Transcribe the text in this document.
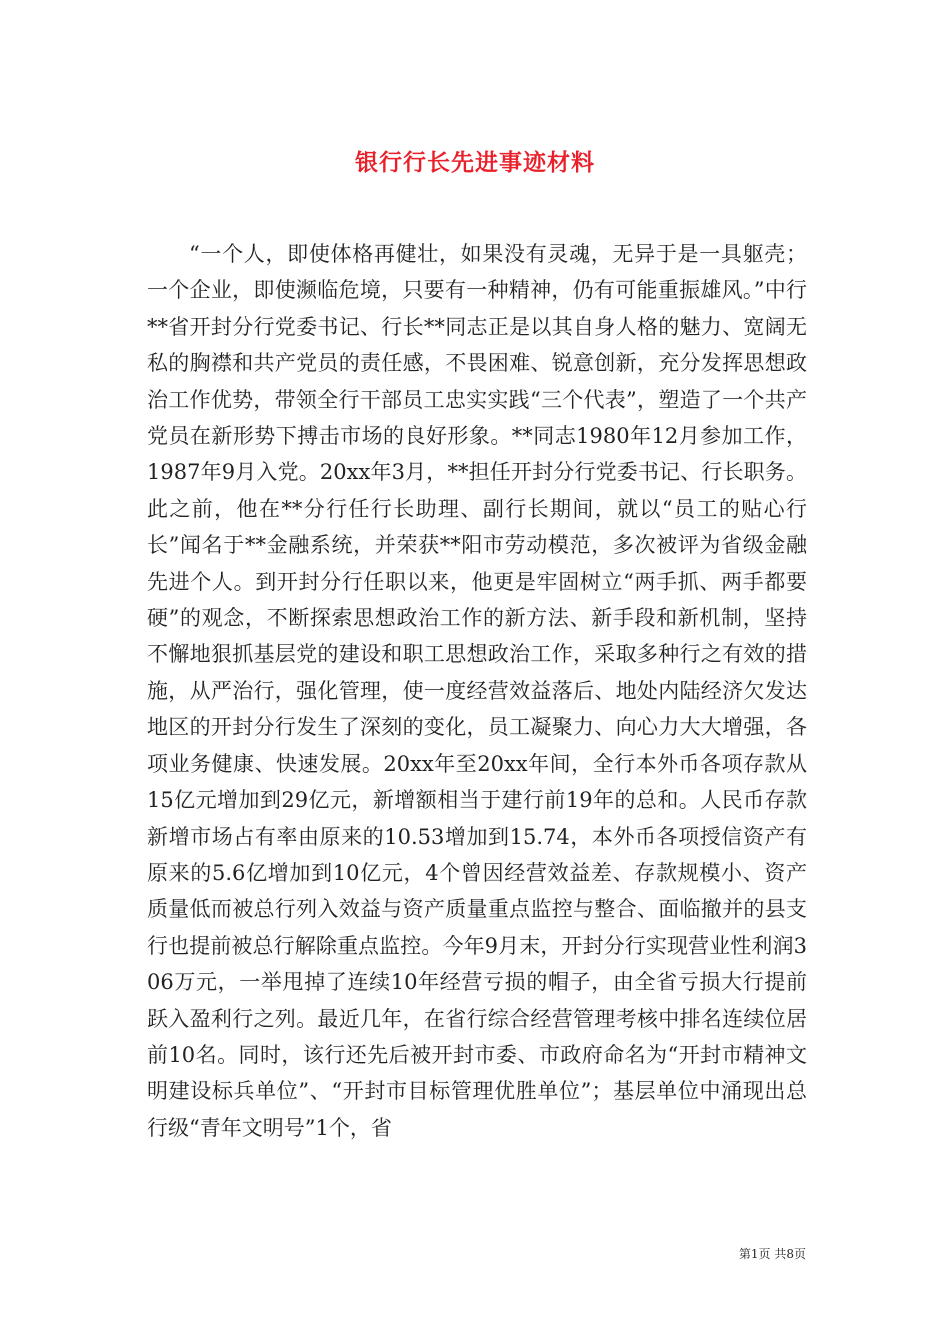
银行行长先进事迹材料

“一个人，即使体格再健壮，如果没有灵魂，无异于是一具躯壳；一个企业，即使濒临危境，只要有一种精神，仍有可能重振雄风。”中行**省开封分行党委书记、行长**同志正是以其自身人格的魅力、宽阔无私的胸襟和共产党员的责任感，不畏困难、锐意创新，充分发挥思想政治工作优势，带领全行干部员工忠实实践“三个代表”，塑造了一个共产党员在新形势下搏击市场的良好形象。**同志1980年12月参加工作，1987年9月入党。20xx年3月，**担任开封分行党委书记、行长职务。此之前，他在**分行任行长助理、副行长期间，就以“员工的贴心行长”闻名于**金融系统，并荣获**阳市劳动模范，多次被评为省级金融先进个人。到开封分行任职以来，他更是牢固树立“两手抓、两手都要硬”的观念，不断探索思想政治工作的新方法、新手段和新机制，坚持不懈地狠抓基层党的建设和职工思想政治工作，采取多种行之有效的措施，从严治行，强化管理，使一度经营效益落后、地处内陆经济欠发达地区的开封分行发生了深刻的变化，员工凝聚力、向心力大大增强，各项业务健康、快速发展。20xx年至20xx年间，全行本外币各项存款从15亿元增加到29亿元，新增额相当于建行前19年的总和。人民币存款新增市场占有率由原来的10.53增加到15.74，本外币各项授信资产有原来的5.6亿增加到10亿元，4个曾因经营效益差、存款规模小、资产质量低而被总行列入效益与资产质量重点监控与整合、面临撤并的县支行也提前被总行解除重点监控。今年9月末，开封分行实现营业性利润306万元，一举甩掉了连续10年经营亏损的帽子，由全省亏损大行提前跃入盈利行之列。最近几年，在省行综合经营管理考核中排名连续位居前10名。同时，该行还先后被开封市委、市政府命名为“开封市精神文明建设标兵单位”、“开封市目标管理优胜单位”；基层单位中涌现出总行级“青年文明号”1个，省

第1页 共8页
